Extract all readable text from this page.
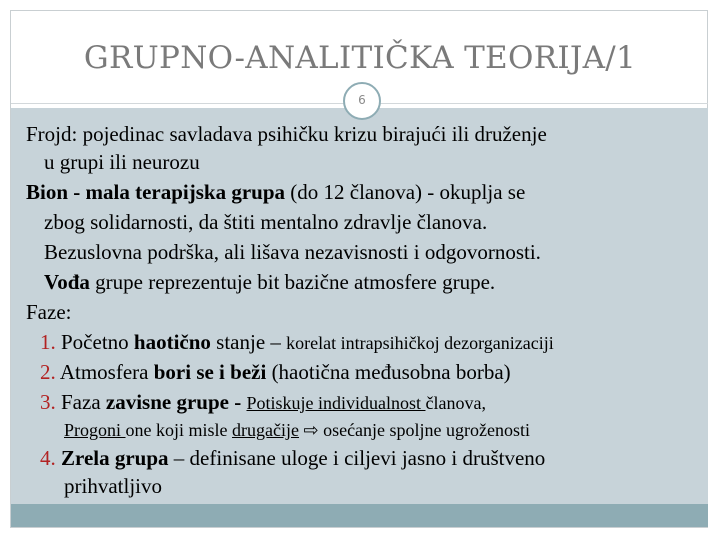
GRUPNO-ANALITIČKA TEORIJA/1
6
Frojd: pojedinac savladava psihičku krizu birajući ili druženje
u grupi ili neurozu
Bion - mala terapijska grupa (do 12 članova) - okuplja se
zbog solidarnosti, da štiti mentalno zdravlje članova.
Bezuslovna podrška, ali lišava nezavisnosti i odgovornosti.
Vođa grupe reprezentuje bit bazične atmosfere grupe.
Faze:
1. Početno haotično stanje – korelat intrapsihičkoj dezorganizaciji
2. Atmosfera bori se i beži (haotična međusobna borba)
3. Faza zavisne grupe - Potiskuje individualnost članova,
Progoni one koji misle drugačije ⇨ osećanje spoljne ugroženosti
4. Zrela grupa – definisane uloge i ciljevi jasno i društveno
prihvatljivo
